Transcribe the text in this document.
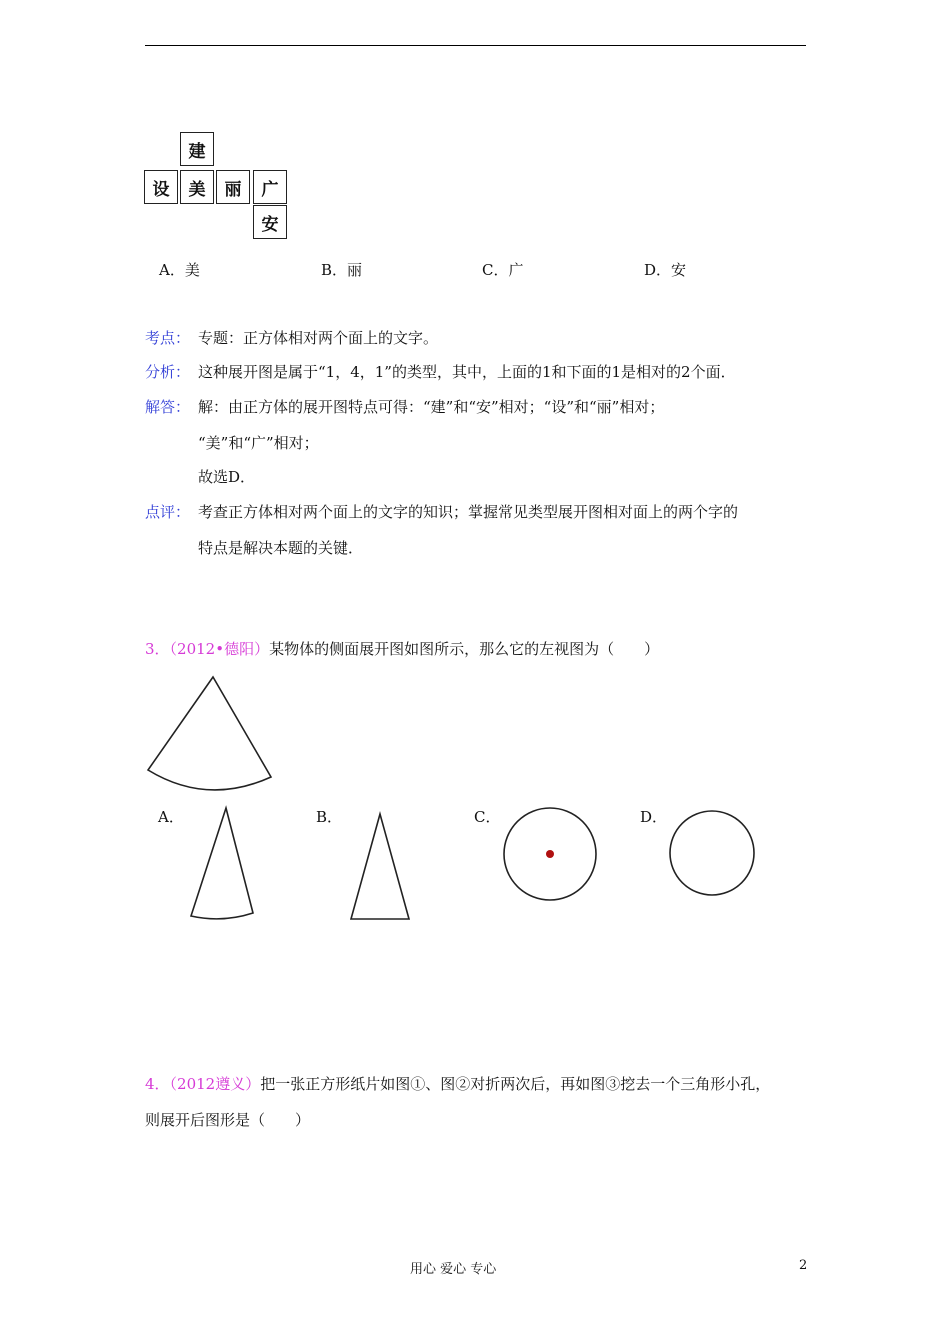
建
设	美	丽	广
安
A．美	B．丽	C．广	D．安
考点： 专题：正方体相对两个面上的文字。
分析： 这种展开图是属于“1，4，1”的类型，其中，上面的1和下面的1是相对的2个面．
解答： 解：由正方体的展开图特点可得：“建”和“安”相对；“设”和“丽”相对；
“美”和“广”相对；
故选D．
点评： 考查正方体相对两个面上的文字的知识；掌握常见类型展开图相对面上的两个字的
特点是解决本题的关键．
3．（2012•德阳）某物体的侧面展开图如图所示，那么它的左视图为（　　）
A．	B．	C．	D．
4．（2012遵义）把一张正方形纸片如图①、图②对折两次后，再如图③挖去一个三角形小孔，
则展开后图形是（　　）
用心 爱心 专心	2
